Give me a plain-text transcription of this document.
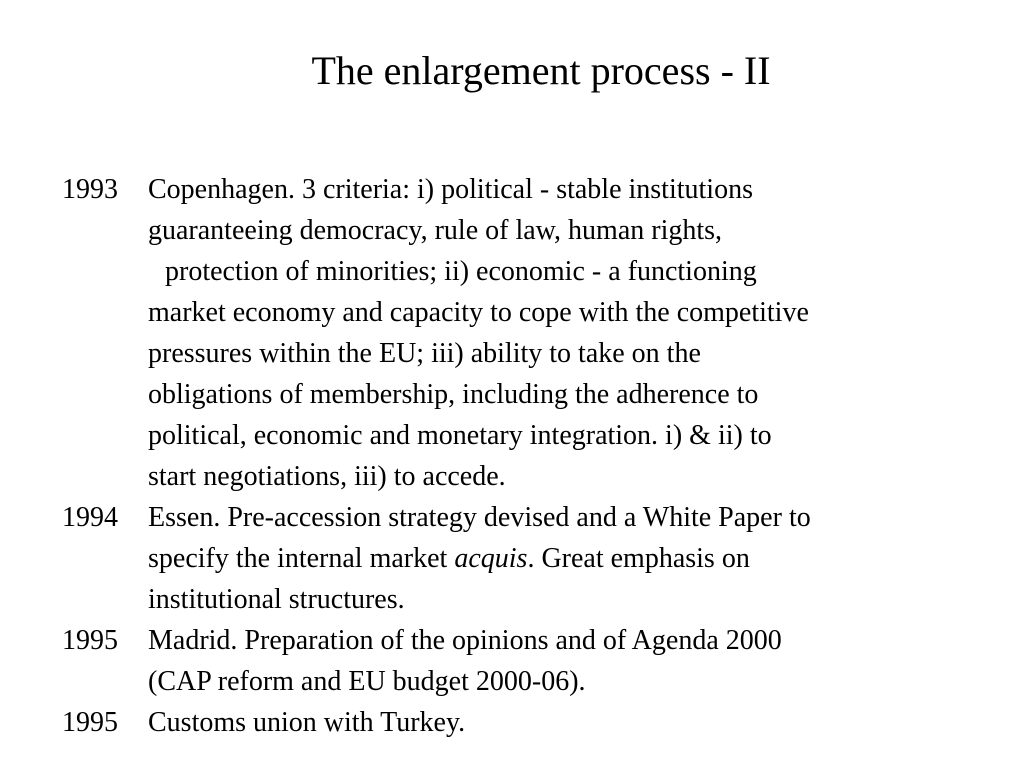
The enlargement process - II
1993 Copenhagen. 3 criteria: i) political - stable institutions
guaranteeing democracy, rule of law, human rights,
protection of minorities; ii) economic - a functioning
market economy and capacity to cope with the competitive
pressures within the EU; iii) ability to take on the
obligations of membership, including the adherence to
political, economic and monetary integration. i) & ii) to
start negotiations, iii) to accede.
1994 Essen. Pre-accession strategy devised and a White Paper to
specify the internal market acquis. Great emphasis on
institutional structures.
1995 Madrid. Preparation of the opinions and of Agenda 2000
(CAP reform and EU budget 2000-06).
1995 Customs union with Turkey.
